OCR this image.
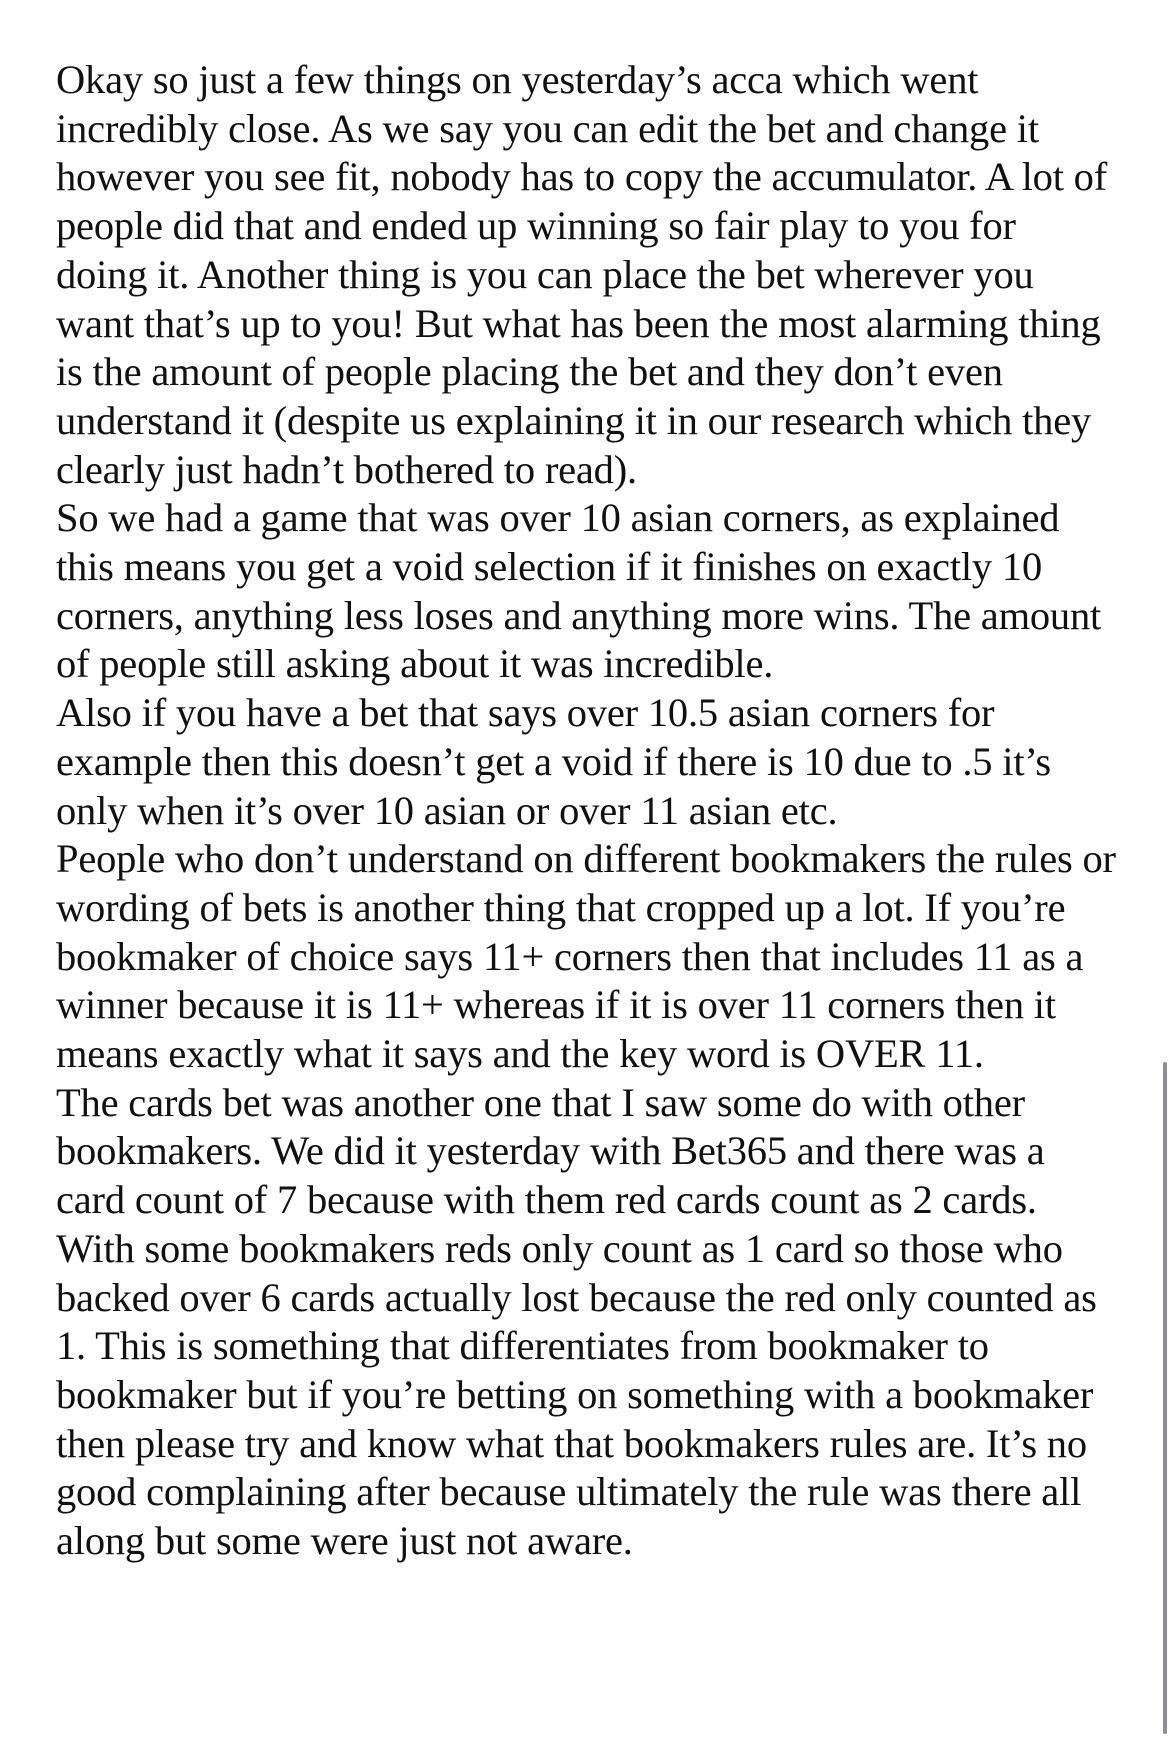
Okay so just a few things on yesterday’s acca which went incredibly close. As we say you can edit the bet and change it however you see fit, nobody has to copy the accumulator. A lot of people did that and ended up winning so fair play to you for doing it. Another thing is you can place the bet wherever you want that’s up to you! But what has been the most alarming thing is the amount of people placing the bet and they don’t even understand it (despite us explaining it in our research which they clearly just hadn’t bothered to read).

So we had a game that was over 10 asian corners, as explained this means you get a void selection if it finishes on exactly 10 corners, anything less loses and anything more wins. The amount of people still asking about it was incredible.

Also if you have a bet that says over 10.5 asian corners for example then this doesn’t get a void if there is 10 due to .5 it’s only when it’s over 10 asian or over 11 asian etc.

People who don’t understand on different bookmakers the rules or wording of bets is another thing that cropped up a lot. If you’re bookmaker of choice says 11+ corners then that includes 11 as a winner because it is 11+ whereas if it is over 11 corners then it means exactly what it says and the key word is OVER 11.

The cards bet was another one that I saw some do with other bookmakers. We did it yesterday with Bet365 and there was a card count of 7 because with them red cards count as 2 cards. With some bookmakers reds only count as 1 card so those who backed over 6 cards actually lost because the red only counted as 1. This is something that differentiates from bookmaker to bookmaker but if you’re betting on something with a bookmaker then please try and know what that bookmakers rules are. It’s no good complaining after because ultimately the rule was there all along but some were just not aware.
